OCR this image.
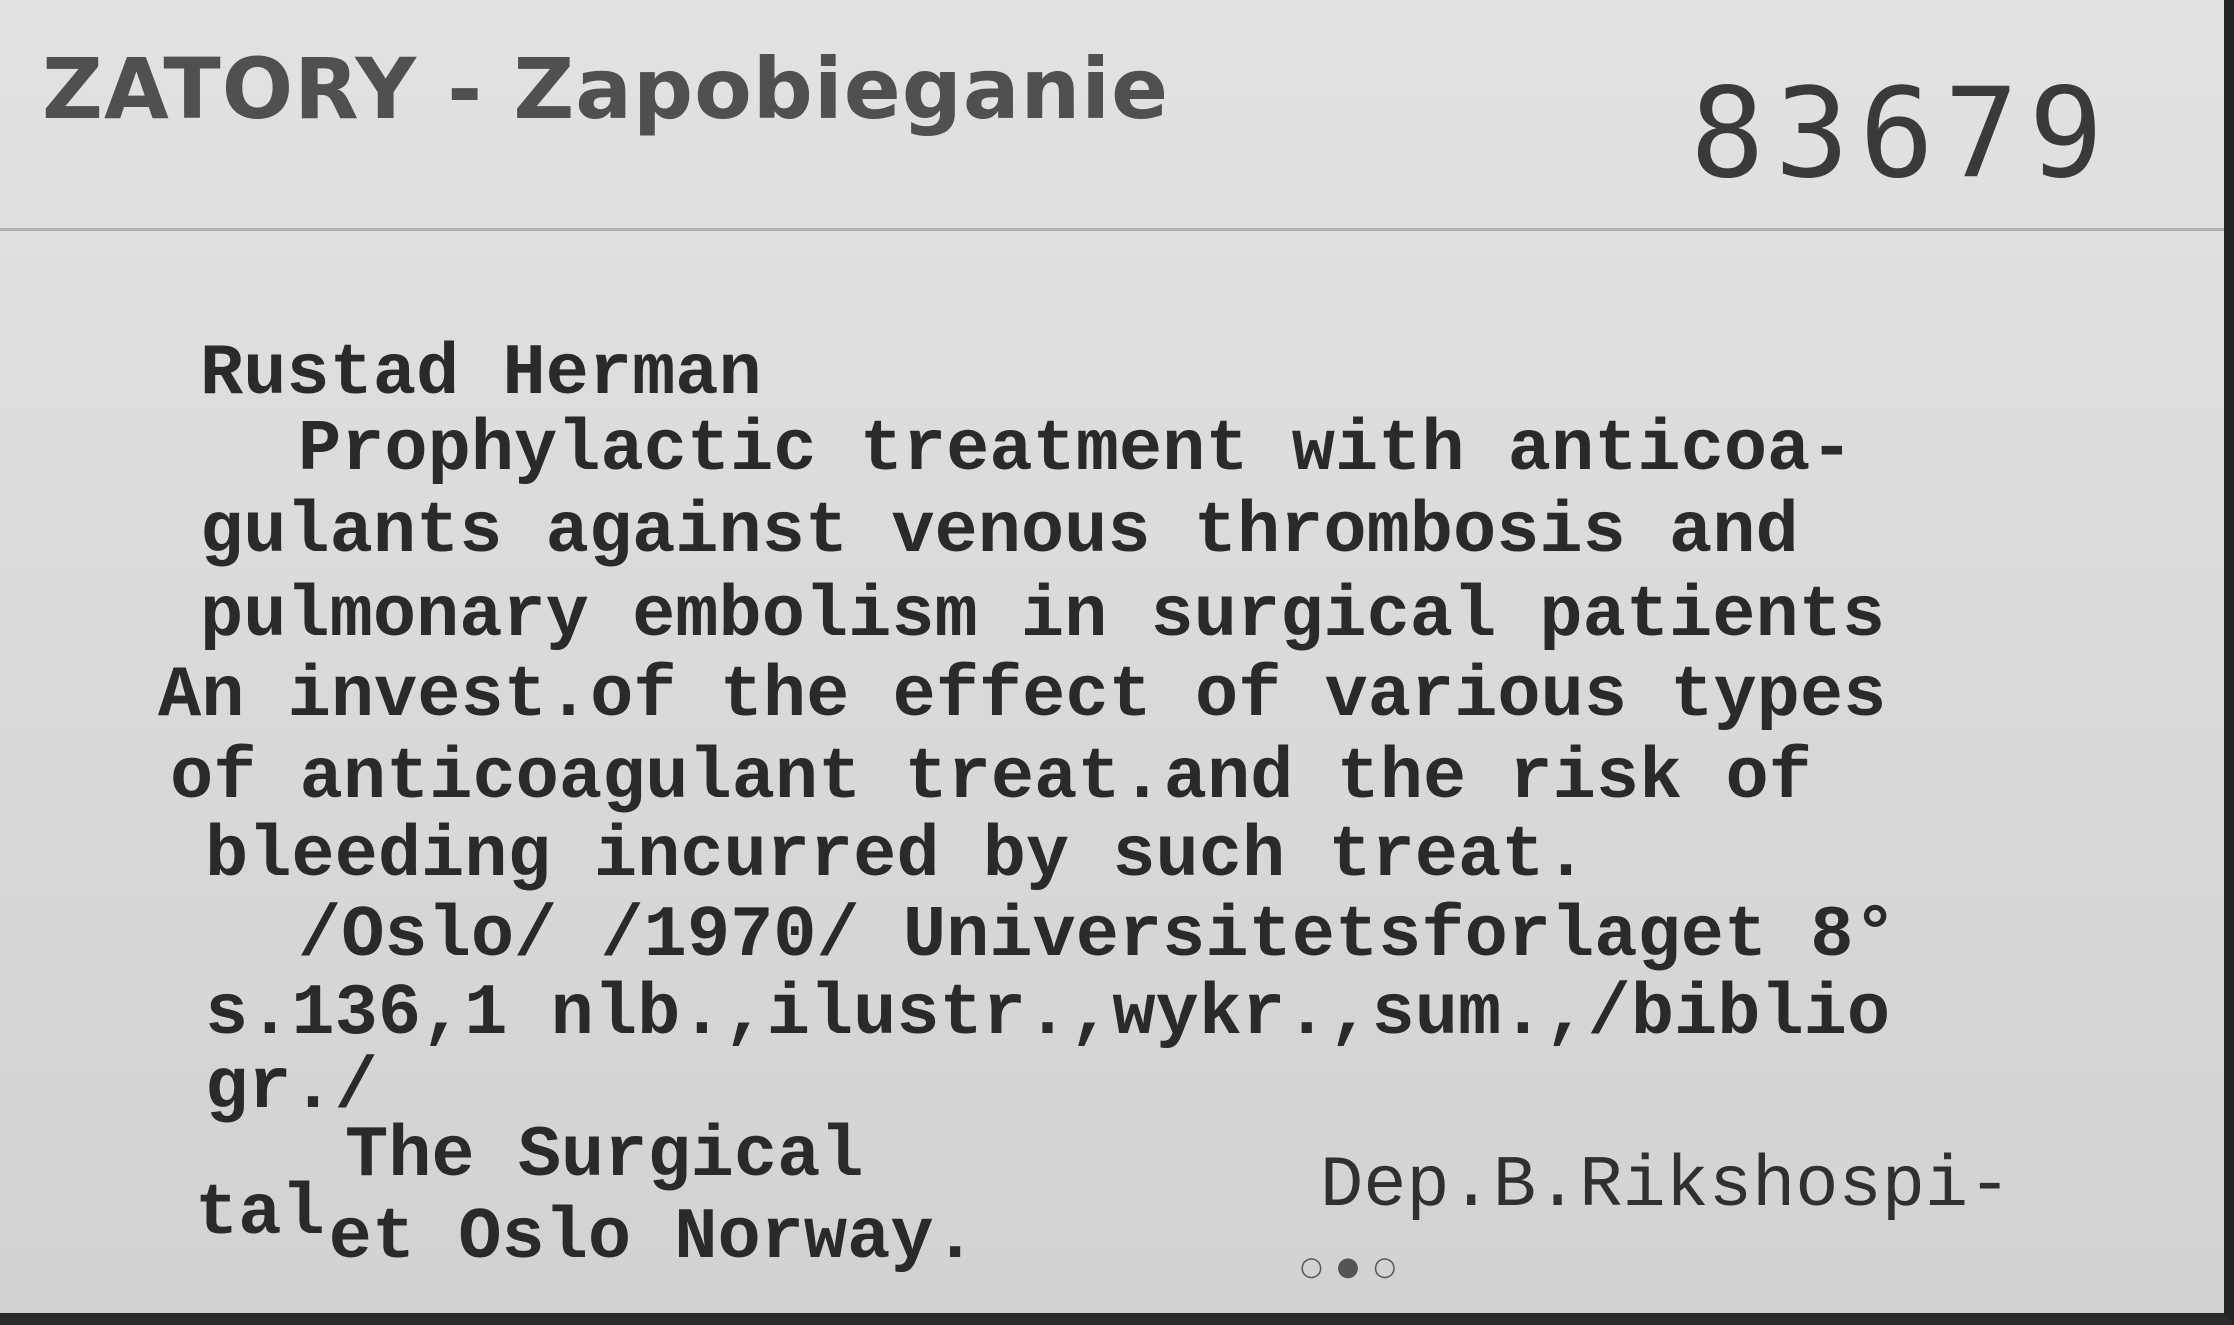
ZATORY - Zapobieganie	83679
Rustad Herman
Prophylactic treatment with anticoa-
gulants against venous thrombosis and
pulmonary embolism in surgical patients
An invest.of the effect of various types
of anticoagulant treat.and the risk of
bleeding incurred by such treat.
/Oslo/ /1970/ Universitetsforlaget 8°
s.136,1 nlb.,ilustr.,wykr.,sum.,/biblio
gr./
The Surgical
talet Oslo Norway.
Dep.B.Rikshospi-
○●○
